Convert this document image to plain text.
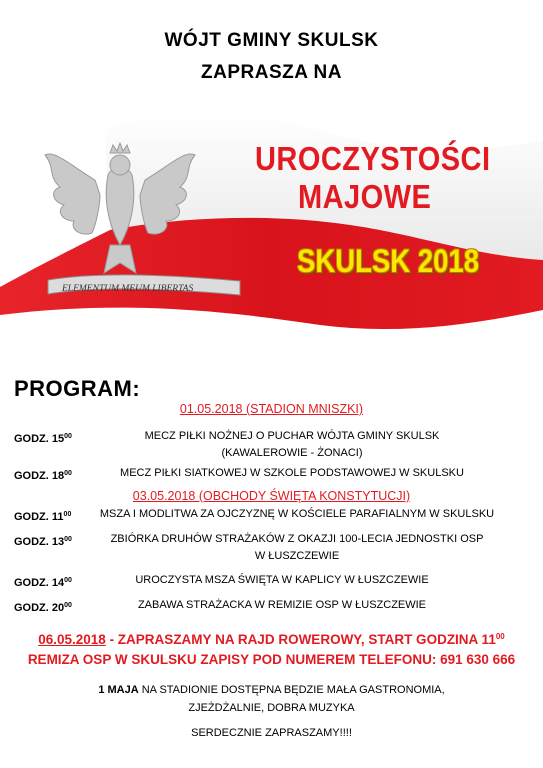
WÓJT GMINY SKULSK
ZAPRASZA NA
ELEMENTUM MEUM LIBERTAS
UROCZYSTOŚCI
MAJOWE
SKULSK 2018
PROGRAM:
01.05.2018 (STADION MNISZKI)
GODZ. $15^{00}$	MECZ PIŁKI NOŻNEJ O PUCHAR WÓJTA GMINY SKULSK
(KAWALEROWIE - ŻONACI)
GODZ. $18^{00}$	MECZ PIŁKI SIATKOWEJ W SZKOLE PODSTAWOWEJ W SKULSKU
03.05.2018 (OBCHODY ŚWIĘTA KONSTYTUCJI)
GODZ. $11^{00}$	MSZA I MODLITWA ZA OJCZYZNĘ W KOŚCIELE PARAFIALNYM W SKULSKU
GODZ. $13^{00}$	ZBIÓRKA DRUHÓW STRAŻAKÓW Z OKAZJI 100-LECIA JEDNOSTKI OSP
W ŁUSZCZEWIE
GODZ. $14^{00}$	UROCZYSTA MSZA ŚWIĘTA W KAPLICY W ŁUSZCZEWIE
GODZ. $20^{00}$	ZABAWA STRAŻACKA W REMIZIE OSP W ŁUSZCZEWIE
06.05.2018 - ZAPRASZAMY NA RAJD ROWEROWY, START GODZINA $11^{00}$
REMIZA OSP W SKULSKU ZAPISY POD NUMEREM TELEFONU: 691 630 666
1 MAJA NA STADIONIE DOSTĘPNA BĘDZIE MAŁA GASTRONOMIA,
ZJEŻDŻALNIE, DOBRA MUZYKA
SERDECZNIE ZAPRASZAMY!!!!
